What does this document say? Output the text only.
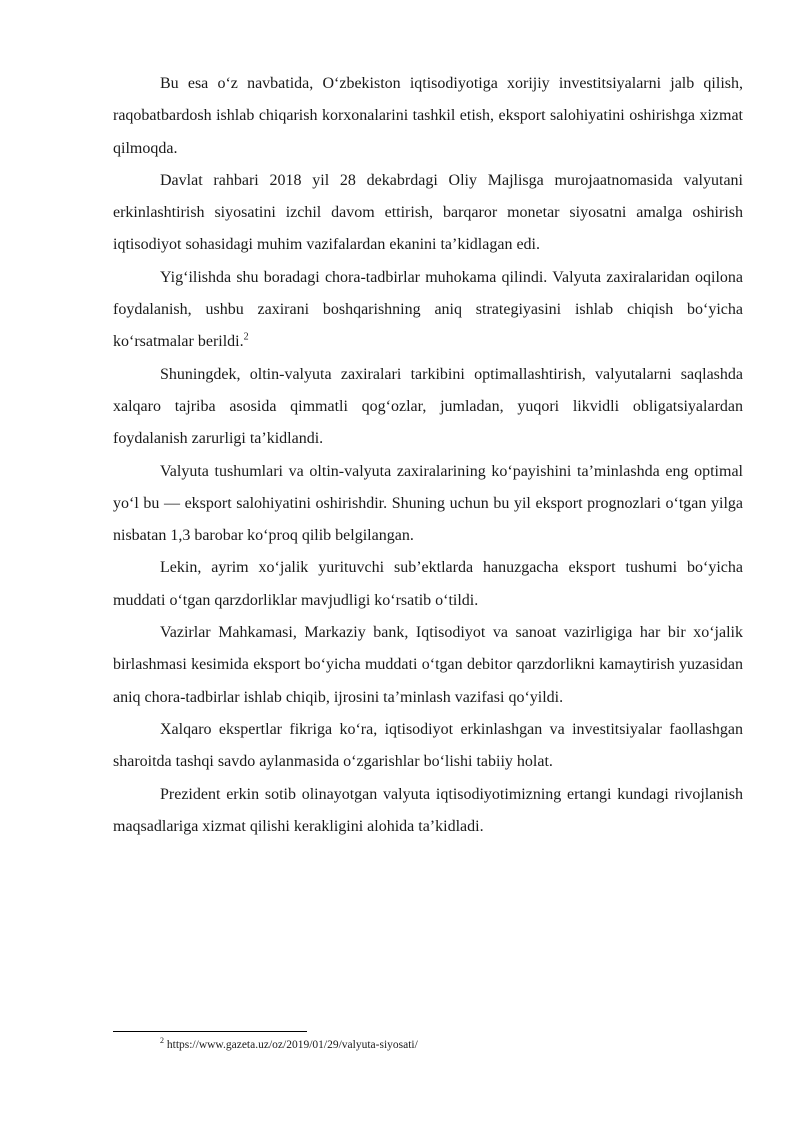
Bu esa o‘z navbatida, O‘zbekiston iqtisodiyotiga xorijiy investitsiyalarni jalb qilish, raqobatbardosh ishlab chiqarish korxonalarini tashkil etish, eksport salohiyatini oshirishga xizmat qilmoqda.

Davlat rahbari 2018 yil 28 dekabrdagi Oliy Majlisga murojaatnomasida valyutani erkinlashtirish siyosatini izchil davom ettirish, barqaror monetar siyosatni amalga oshirish iqtisodiyot sohasidagi muhim vazifalardan ekanini ta’kidlagan edi.

Yig‘ilishda shu boradagi chora-tadbirlar muhokama qilindi. Valyuta zaxiralaridan oqilona foydalanish, ushbu zaxirani boshqarishning aniq strategiyasini ishlab chiqish bo‘yicha ko‘rsatmalar berildi.$^2$

Shuningdek, oltin-valyuta zaxiralari tarkibini optimallashtirish, valyutalarni saqlashda xalqaro tajriba asosida qimmatli qog‘ozlar, jumladan, yuqori likvidli obligatsiyalardan foydalanish zarurligi ta’kidlandi.

Valyuta tushumlari va oltin-valyuta zaxiralarining ko‘payishini ta’minlashda eng optimal yo‘l bu — eksport salohiyatini oshirishdir. Shuning uchun bu yil eksport prognozlari o‘tgan yilga nisbatan 1,3 barobar ko‘proq qilib belgilangan.

Lekin, ayrim xo‘jalik yurituvchi sub’ektlarda hanuzgacha eksport tushumi bo‘yicha muddati o‘tgan qarzdorliklar mavjudligi ko‘rsatib o‘tildi.

Vazirlar Mahkamasi, Markaziy bank, Iqtisodiyot va sanoat vazirligiga har bir xo‘jalik birlashmasi kesimida eksport bo‘yicha muddati o‘tgan debitor qarzdorlikni kamaytirish yuzasidan aniq chora-tadbirlar ishlab chiqib, ijrosini ta’minlash vazifasi qo‘yildi.

Xalqaro ekspertlar fikriga ko‘ra, iqtisodiyot erkinlashgan va investitsiyalar faollashgan sharoitda tashqi savdo aylanmasida o‘zgarishlar bo‘lishi tabiiy holat.

Prezident erkin sotib olinayotgan valyuta iqtisodiyotimizning ertangi kundagi rivojlanish maqsadlariga xizmat qilishi kerakligini alohida ta’kidladi.

$^2$ https://www.gazeta.uz/oz/2019/01/29/valyuta-siyosati/
